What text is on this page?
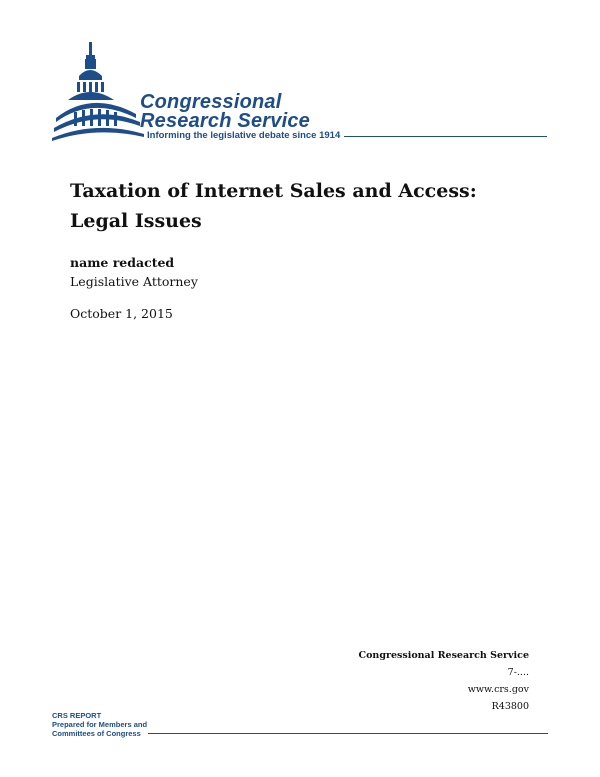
Congressional
Research Service
Informing the legislative debate since 1914
Taxation of Internet Sales and Access: Legal Issues
name redacted
Legislative Attorney
October 1, 2015
Congressional Research Service
7-....
www.crs.gov
R43800
CRS REPORT
Prepared for Members and
Committees of Congress
